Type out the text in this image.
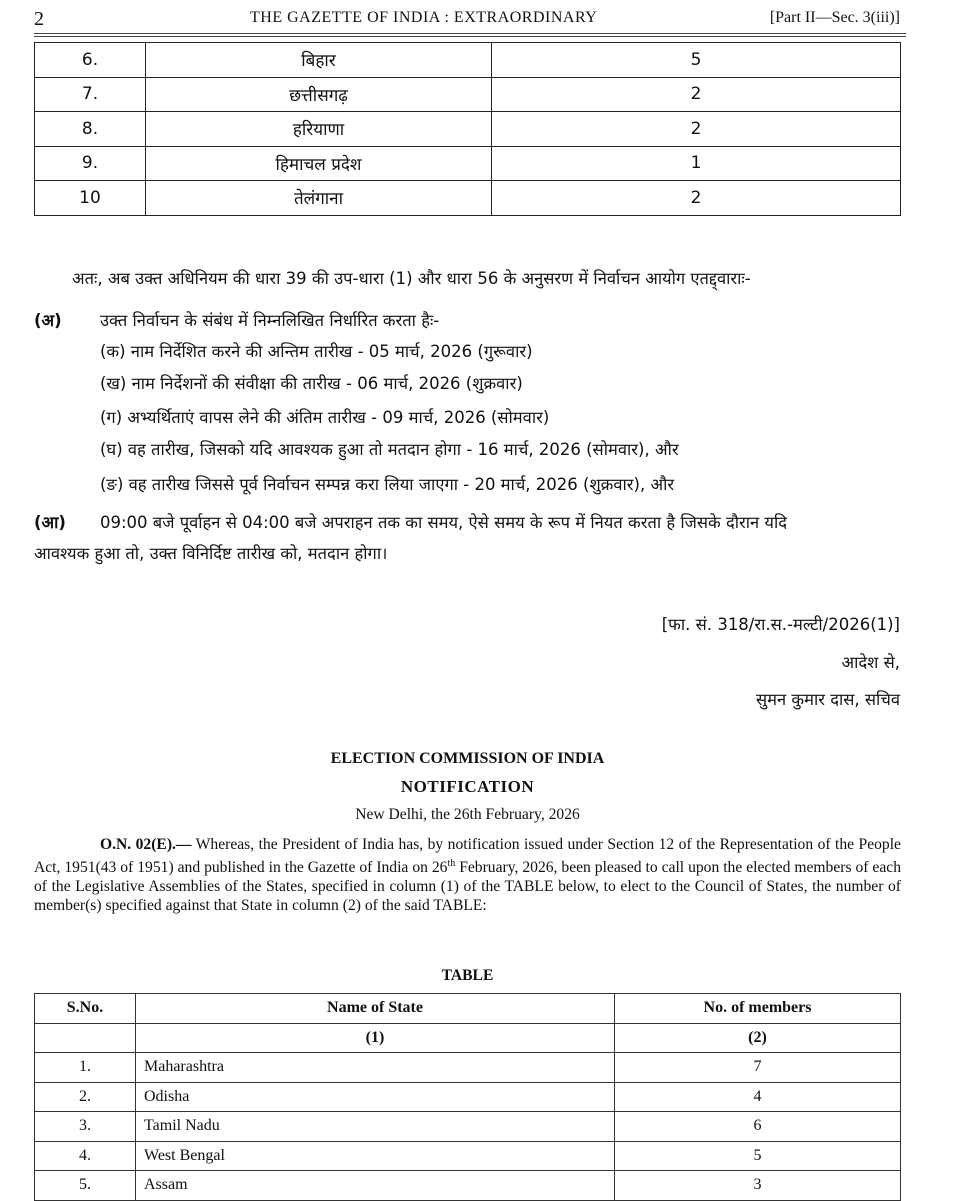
2	THE GAZETTE OF INDIA : EXTRAORDINARY	[Part II—Sec. 3(iii)]
6.	बिहार	5
7.	छत्तीसगढ़	2
8.	हरियाणा	2
9.	हिमाचल प्रदेश	1
10	तेलंगाना	2
अतः, अब उक्त अधिनियम की धारा 39 की उप-धारा (1) और धारा 56 के अनुसरण में निर्वाचन आयोग एतद्द्वाराः-
(अ) उक्त निर्वाचन के संबंध में निम्नलिखित निर्धारित करता हैः-
(क) नाम निर्देशित करने की अन्तिम तारीख - 05 मार्च, 2026 (गुरूवार)
(ख) नाम निर्देशनों की संवीक्षा की तारीख - 06 मार्च, 2026 (शुक्रवार)
(ग) अभ्यर्थिताएं वापस लेने की अंतिम तारीख - 09 मार्च, 2026 (सोमवार)
(घ) वह तारीख, जिसको यदि आवश्यक हुआ तो मतदान होगा - 16 मार्च, 2026 (सोमवार), और
(ङ) वह तारीख जिससे पूर्व निर्वाचन सम्पन्न करा लिया जाएगा - 20 मार्च, 2026 (शुक्रवार), और
(आ) 09:00 बजे पूर्वाहन से 04:00 बजे अपराहन तक का समय, ऐसे समय के रूप में नियत करता है जिसके दौरान यदि
आवश्यक हुआ तो, उक्त विनिर्दिष्ट तारीख को, मतदान होगा।
[फा. सं. 318/रा.स.-मल्टी/2026(1)]
आदेश से,
सुमन कुमार दास, सचिव
ELECTION COMMISSION OF INDIA
NOTIFICATION
New Delhi, the 26th February, 2026
O.N. 02(E).— Whereas, the President of India has, by notification issued under Section 12 of the Representation of the People Act, 1951(43 of 1951) and published in the Gazette of India on 26th February, 2026, been pleased to call upon the elected members of each of the Legislative Assemblies of the States, specified in column (1) of the TABLE below, to elect to the Council of States, the number of member(s) specified against that State in column (2) of the said TABLE:
TABLE
S.No.	Name of State	No. of members
	(1)	(2)
1.	Maharashtra	7
2.	Odisha	4
3.	Tamil Nadu	6
4.	West Bengal	5
5.	Assam	3
